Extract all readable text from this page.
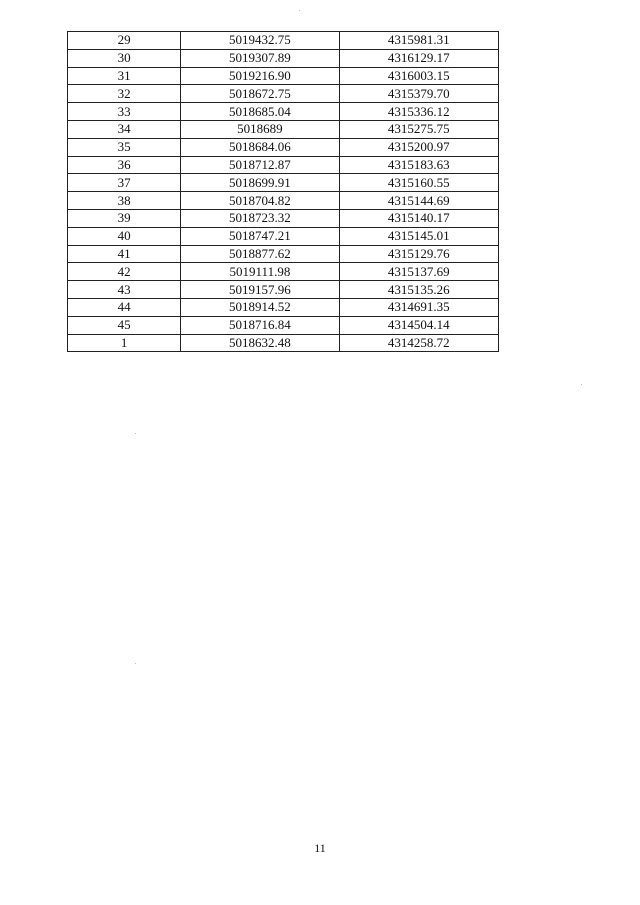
29	5019432.75	4315981.31
30	5019307.89	4316129.17
31	5019216.90	4316003.15
32	5018672.75	4315379.70
33	5018685.04	4315336.12
34	5018689	4315275.75
35	5018684.06	4315200.97
36	5018712.87	4315183.63
37	5018699.91	4315160.55
38	5018704.82	4315144.69
39	5018723.32	4315140.17
40	5018747.21	4315145.01
41	5018877.62	4315129.76
42	5019111.98	4315137.69
43	5019157.96	4315135.26
44	5018914.52	4314691.35
45	5018716.84	4314504.14
1	5018632.48	4314258.72
11
